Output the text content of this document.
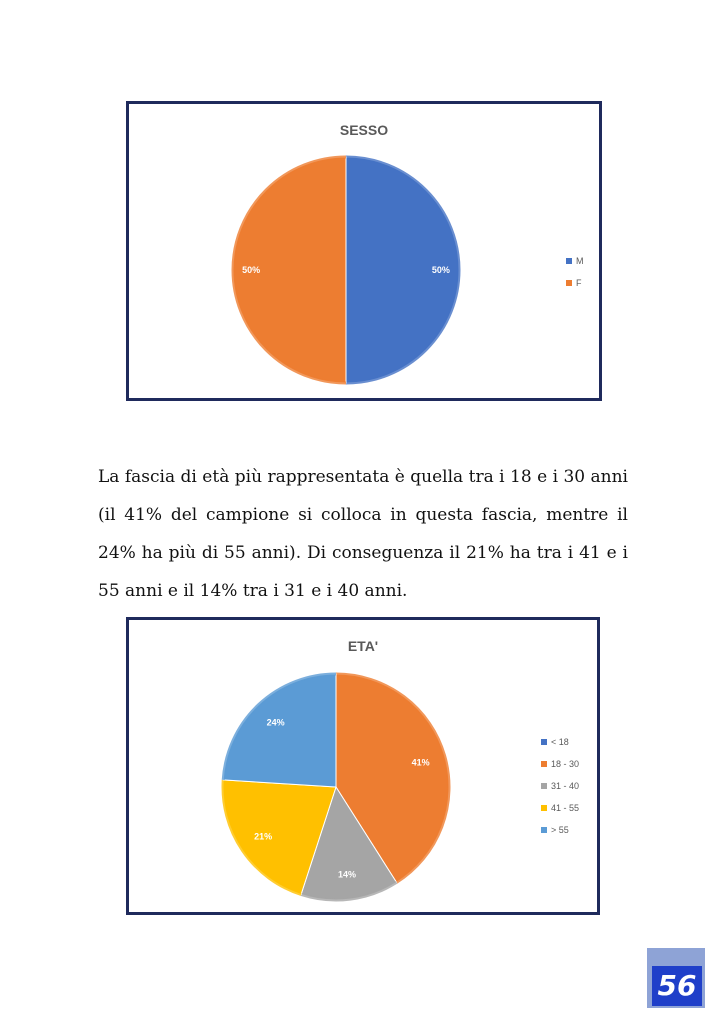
SESSO
50%
50%
M
F

La fascia di età più rappresentata è quella tra i 18 e i 30 anni (il 41% del campione si colloca in questa fascia, mentre il 24% ha più di 55 anni). Di conseguenza il 21% ha tra i 41 e i 55 anni e il 14% tra i 31 e i 40 anni.

ETA'
41%
14%
21%
24%
< 18
18 - 30
31 - 40
41 - 55
> 55
56
